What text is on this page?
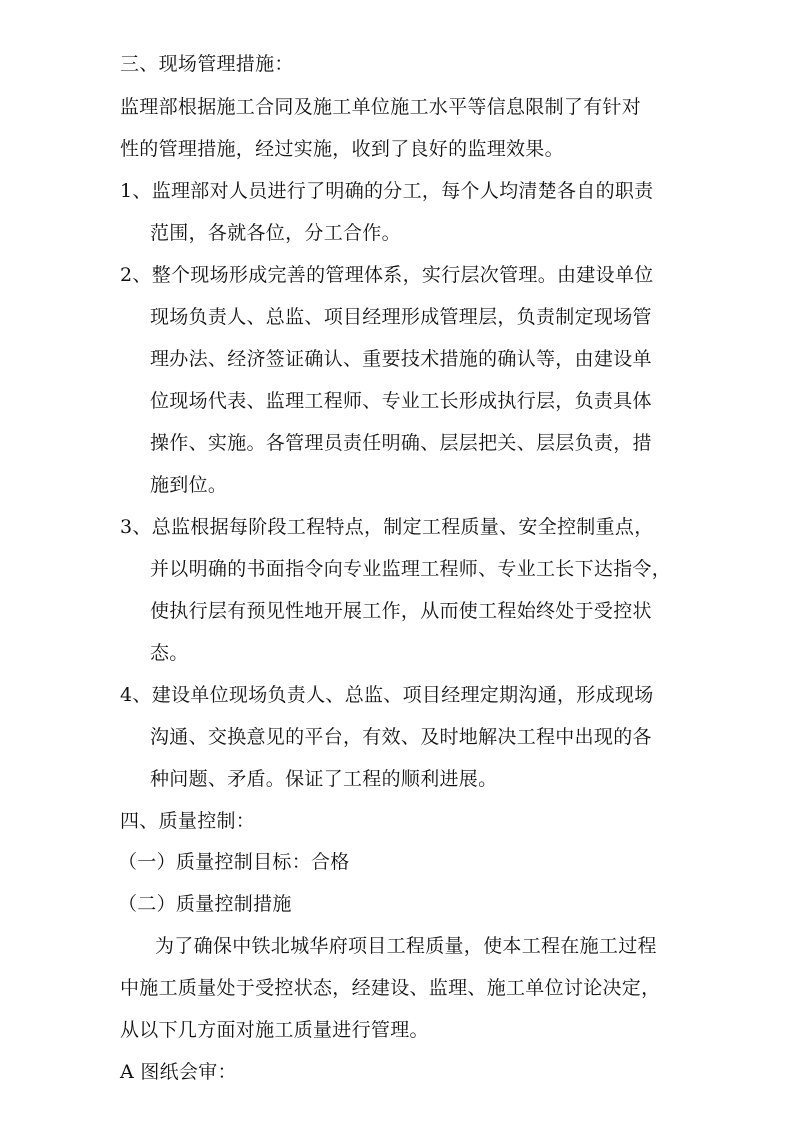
三、现场管理措施：
监理部根据施工合同及施工单位施工水平等信息限制了有针对
性的管理措施，经过实施，收到了良好的监理效果。
1、监理部对人员进行了明确的分工，每个人均清楚各自的职责
范围，各就各位，分工合作。
2、整个现场形成完善的管理体系，实行层次管理。由建设单位
现场负责人、总监、项目经理形成管理层，负责制定现场管
理办法、经济签证确认、重要技术措施的确认等，由建设单
位现场代表、监理工程师、专业工长形成执行层，负责具体
操作、实施。各管理员责任明确、层层把关、层层负责，措
施到位。
3、总监根据每阶段工程特点，制定工程质量、安全控制重点，
并以明确的书面指令向专业监理工程师、专业工长下达指令，
使执行层有预见性地开展工作，从而使工程始终处于受控状
态。
4、建设单位现场负责人、总监、项目经理定期沟通，形成现场
沟通、交换意见的平台，有效、及时地解决工程中出现的各
种问题、矛盾。保证了工程的顺利进展。
四、质量控制：
（一）质量控制目标：合格
（二）质量控制措施
为了确保中铁北城华府项目工程质量，使本工程在施工过程
中施工质量处于受控状态，经建设、监理、施工单位讨论决定，
从以下几方面对施工质量进行管理。
A 图纸会审：
